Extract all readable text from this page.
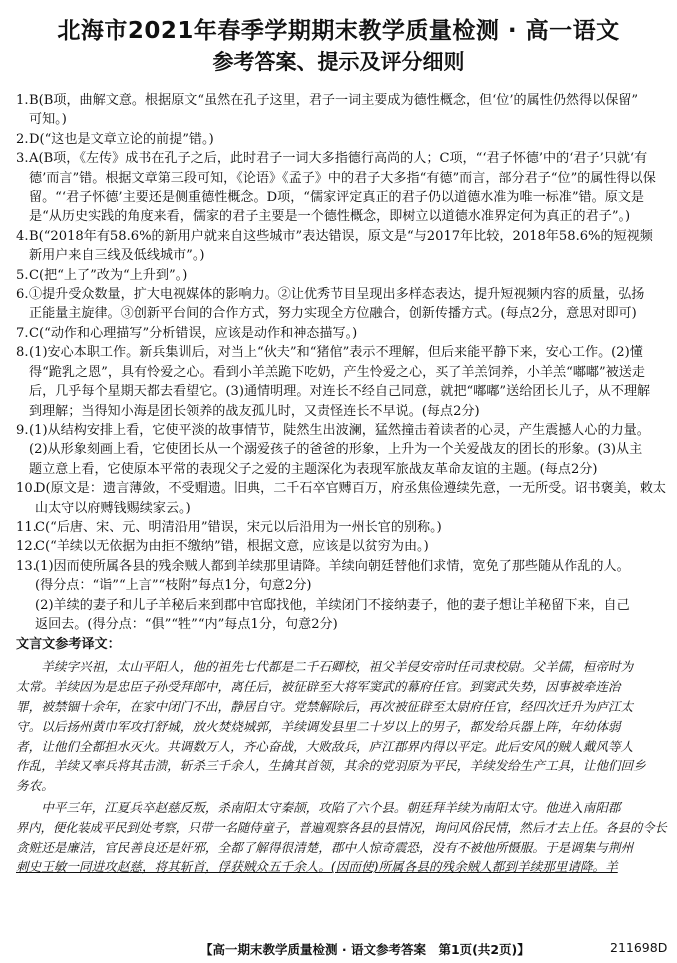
北海市2021年春季学期期末教学质量检测 · 高一语文
参考答案、提示及评分细则
1. B(B项，曲解文意。根据原文“虽然在孔子这里，君子一词主要成为德性概念，但‘位’的属性仍然得以保留”
可知。)
2. D(“这也是文章立论的前提”错。)
3. A(B项，《左传》成书在孔子之后，此时君子一词大多指德行高尚的人；C项，“‘君子怀德’中的‘君子’只就‘有
德’而言”错。根据文章第三段可知，《论语》《孟子》中的君子大多指“有德”而言，部分君子“位”的属性得以保
留。“‘君子怀德’主要还是侧重德性概念。D项，“儒家评定真正的君子仍以道德水准为唯一标准”错。原文是
是“从历史实践的角度来看，儒家的君子主要是一个德性概念，即树立以道德水准界定何为真正的君子”。)
4. B(“2018年有58.6%的新用户就来自这些城市”表达错误，原文是“与2017年比较，2018年58.6%的短视频
新用户来自三线及低线城市”。)
5. C(把“上了”改为“上升到”。)
6. ①提升受众数量，扩大电视媒体的影响力。②让优秀节目呈现出多样态表达，提升短视频内容的质量，弘扬
正能量主旋律。③创新平台间的合作方式，努力实现全方位融合，创新传播方式。(每点2分，意思对即可)
7. C(“动作和心理描写”分析错误，应该是动作和神态描写。)
8. (1)安心本职工作。新兵集训后，对当上“伙夫”和“猪倌”表示不理解，但后来能平静下来，安心工作。(2)懂
得“跪乳之恩”，具有怜爱之心。看到小羊羔跪下吃奶，产生怜爱之心，买了羊羔饲养，小羊羔“嘟嘟”被送走
后，几乎每个星期天都去看望它。(3)通情明理。对连长不经自己同意，就把“嘟嘟”送给团长儿子，从不理解
到理解；当得知小海是团长领养的战友孤儿时，又责怪连长不早说。(每点2分)
9. (1)从结构安排上看，它使平淡的故事情节，陡然生出波澜，猛然撞击着读者的心灵，产生震撼人心的力量。
(2)从形象刻画上看，它使团长从一个溺爱孩子的爸爸的形象，上升为一个关爱战友的团长的形象。(3)从主
题立意上看，它使原本平常的表现父子之爱的主题深化为表现军旅战友革命友谊的主题。(每点2分)
10.
D(原文是：遗言薄敛，不受赗遗。旧典，二千石卒官赙百万，府丞焦俭遵续先意，一无所受。诏书褒美，敕太
山太守以府赙钱赐续家云。)
11.
C(“后唐、宋、元、明清沿用”错误，宋元以后沿用为一州长官的别称。)
12.
C(“羊续以无依据为由拒不缴纳”错，根据文意，应该是以贫穷为由。)
13.
(1)因而使所属各县的残余贼人都到羊续那里请降。羊续向朝廷替他们求情，宽免了那些随从作乱的人。
(得分点：“诣”“上言”“枝附”每点1分，句意2分)
(2)羊续的妻子和儿子羊秘后来到郡中官邸找他，羊续闭门不接纳妻子，他的妻子想让羊秘留下来，自己
返回去。(得分点：“俱”“牲”“内”每点1分，句意2分)
文言文参考译文：
羊续字兴祖，太山平阳人，他的祖先七代都是二千石卿校，祖父羊侵安帝时任司隶校尉。父羊儒，桓帝时为
太常。羊续因为是忠臣子孙受拜郎中，离任后，被征辟至大将军窦武的幕府任官。到窦武失势，因事被牵连治
罪，被禁锢十余年，在家中闭门不出，静居自守。党禁解除后，再次被征辟至太尉府任官，经四次迁升为庐江太
守。以后扬州黄巾军攻打舒城，放火焚烧城郭，羊续调发县里二十岁以上的男子，都发给兵器上阵，年幼体弱
者，让他们全都担水灭火。共调数万人，齐心奋战，大败敌兵，庐江郡界内得以平定。此后安风的贼人戴风等人
作乱，羊续又率兵将其击溃，斩杀三千余人，生擒其首领，其余的党羽原为平民，羊续发给生产工具，让他们回乡
务农。
中平三年，江夏兵卒赵慈反叛，杀南阳太守秦颉，攻陷了六个县。朝廷拜羊续为南阳太守。他进入南阳郡
界内，便化装成平民到处考察，只带一名随侍童子，普遍观察各县的县情况，询问风俗民情，然后才去上任。各县的令长
贪赃还是廉洁，官民善良还是奸邪，全都了解得很清楚，郡中人惊奇震恐，没有不被他所慑服。于是调集与荆州
刺史王敏一同进攻赵慈，将其斩首，俘获贼众五千余人。(因而使)所属各县的残余贼人都到羊续那里请降。羊
【高一期末教学质量检测 · 语文参考答案　第1页(共2页)】	211698D
